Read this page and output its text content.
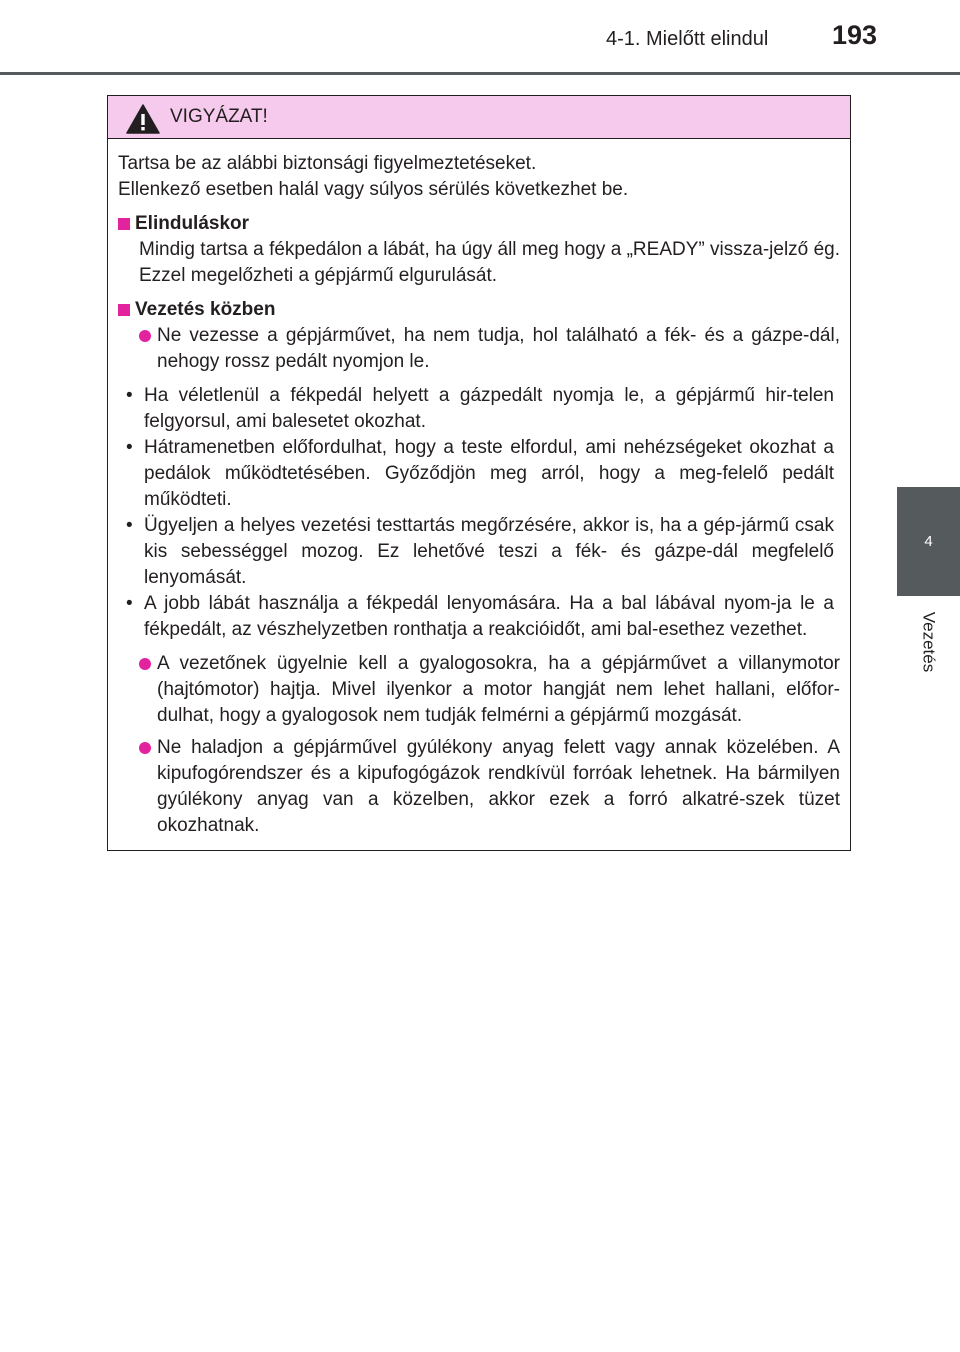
4-1. Mielőtt elindul 193
4
Vezetés
VIGYÁZAT!

Tartsa be az alábbi biztonsági figyelmeztetéseket.

Ellenkező esetben halál vagy súlyos sérülés következhet be.

Elinduláskor
Mindig tartsa a fékpedálon a lábát, ha úgy áll meg hogy a „READY” vissza-jelző ég. Ezzel megelőzheti a gépjármű elgurulását.
Vezetés közben
Ne vezesse a gépjárművet, ha nem tudja, hol található a fék- és a gázpe-dál, nehogy rossz pedált nyomjon le.
• Ha véletlenül a fékpedál helyett a gázpedált nyomja le, a gépjármű hir-telen felgyorsul, ami balesetet okozhat.
• Hátramenetben előfordulhat, hogy a teste elfordul, ami nehézségeket okozhat a pedálok működtetésében. Győződjön meg arról, hogy a meg-felelő pedált működteti.
• Ügyeljen a helyes vezetési testtartás megőrzésére, akkor is, ha a gép-jármű csak kis sebességgel mozog. Ez lehetővé teszi a fék- és gázpe-dál megfelelő lenyomását.
• A jobb lábát használja a fékpedál lenyomására. Ha a bal lábával nyom-ja le a fékpedált, az vészhelyzetben ronthatja a reakcióidőt, ami bal-esethez vezethet.
A vezetőnek ügyelnie kell a gyalogosokra, ha a gépjárművet a villanymotor (hajtómotor) hajtja. Mivel ilyenkor a motor hangját nem lehet hallani, előfor-dulhat, hogy a gyalogosok nem tudják felmérni a gépjármű mozgását.
Ne haladjon a gépjárművel gyúlékony anyag felett vagy annak közelében. A kipufogórendszer és a kipufogógázok rendkívül forróak lehetnek. Ha bármilyen gyúlékony anyag van a közelben, akkor ezek a forró alkatré-szek tüzet okozhatnak.
